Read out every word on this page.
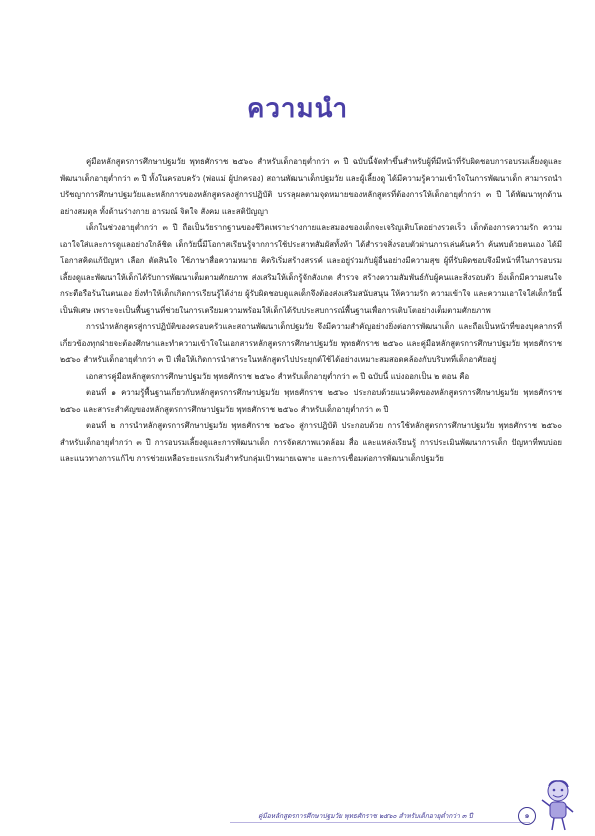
ความนำ

คู่มือหลักสูตรการศึกษาปฐมวัย พุทธศักราช ๒๕๖๐ สำหรับเด็กอายุต่ำกว่า ๓ ปี ฉบับนี้จัดทำขึ้นสำหรับผู้ที่มีหน้าที่รับผิดชอบการอบรมเลี้ยงดูและพัฒนาเด็กอายุต่ำกว่า ๓ ปี ทั้งในครอบครัว (พ่อแม่ ผู้ปกครอง) สถานพัฒนาเด็กปฐมวัย และผู้เลี้ยงดู ได้มีความรู้ความเข้าใจในการพัฒนาเด็ก สามารถนำปรัชญาการศึกษาปฐมวัยและหลักการของหลักสูตรลงสู่การปฏิบัติ บรรลุผลตามจุดหมายของหลักสูตรที่ต้องการให้เด็กอายุต่ำกว่า ๓ ปี ได้พัฒนาทุกด้านอย่างสมดุล ทั้งด้านร่างกาย อารมณ์ จิตใจ สังคม และสติปัญญา

เด็กในช่วงอายุต่ำกว่า ๓ ปี ถือเป็นวัยรากฐานของชีวิตเพราะร่างกายและสมองของเด็กจะเจริญเติบโตอย่างรวดเร็ว เด็กต้องการความรัก ความเอาใจใส่และการดูแลอย่างใกล้ชิด เด็กวัยนี้มีโอกาสเรียนรู้จากการใช้ประสาทสัมผัสทั้งห้า ได้สำรวจสิ่งรอบตัวผ่านการเล่นค้นคว้า ค้นพบด้วยตนเอง ได้มีโอกาสคิดแก้ปัญหา เลือก ตัดสินใจ ใช้ภาษาสื่อความหมาย คิดริเริ่มสร้างสรรค์ และอยู่ร่วมกับผู้อื่นอย่างมีความสุข ผู้ที่รับผิดชอบจึงมีหน้าที่ในการอบรมเลี้ยงดูและพัฒนาให้เด็กได้รับการพัฒนาเต็มตามศักยภาพ ส่งเสริมให้เด็กรู้จักสังเกต สำรวจ สร้างความสัมพันธ์กับผู้คนและสิ่งรอบตัว ยิ่งเด็กมีความสนใจ กระตือรือร้นในตนเอง ยิ่งทำให้เด็กเกิดการเรียนรู้ได้ง่าย ผู้รับผิดชอบดูแลเด็กจึงต้องส่งเสริมสนับสนุน ให้ความรัก ความเข้าใจ และความเอาใจใส่เด็กวัยนี้เป็นพิเศษ เพราะจะเป็นพื้นฐานที่ช่วยในการเตรียมความพร้อมให้เด็กได้รับประสบการณ์พื้นฐานเพื่อการเติบโตอย่างเต็มตามศักยภาพ

การนำหลักสูตรสู่การปฏิบัติของครอบครัวและสถานพัฒนาเด็กปฐมวัย จึงมีความสำคัญอย่างยิ่งต่อการพัฒนาเด็ก และถือเป็นหน้าที่ของบุคลากรที่เกี่ยวข้องทุกฝ่ายจะต้องศึกษาและทำความเข้าใจในเอกสารหลักสูตรการศึกษาปฐมวัย พุทธศักราช ๒๕๖๐ และคู่มือหลักสูตรการศึกษาปฐมวัย พุทธศักราช ๒๕๖๐ สำหรับเด็กอายุต่ำกว่า ๓ ปี เพื่อให้เกิดการนำสาระในหลักสูตรไปประยุกต์ใช้ได้อย่างเหมาะสมสอดคล้องกับบริบทที่เด็กอาศัยอยู่

เอกสารคู่มือหลักสูตรการศึกษาปฐมวัย พุทธศักราช ๒๕๖๐ สำหรับเด็กอายุต่ำกว่า ๓ ปี ฉบับนี้ แบ่งออกเป็น ๒ ตอน คือ

ตอนที่ ๑ ความรู้พื้นฐานเกี่ยวกับหลักสูตรการศึกษาปฐมวัย พุทธศักราช ๒๕๖๐ ประกอบด้วยแนวคิดของหลักสูตรการศึกษาปฐมวัย พุทธศักราช ๒๕๖๐ และสาระสำคัญของหลักสูตรการศึกษาปฐมวัย พุทธศักราช ๒๕๖๐ สำหรับเด็กอายุต่ำกว่า ๓ ปี

ตอนที่ ๒ การนำหลักสูตรการศึกษาปฐมวัย พุทธศักราช ๒๕๖๐ สู่การปฏิบัติ ประกอบด้วย การใช้หลักสูตรการศึกษาปฐมวัย พุทธศักราช ๒๕๖๐ สำหรับเด็กอายุต่ำกว่า ๓ ปี การอบรมเลี้ยงดูและการพัฒนาเด็ก การจัดสภาพแวดล้อม สื่อ และแหล่งเรียนรู้ การประเมินพัฒนาการเด็ก ปัญหาที่พบบ่อยและแนวทางการแก้ไข การช่วยเหลือระยะแรกเริ่มสำหรับกลุ่มเป้าหมายเฉพาะ และการเชื่อมต่อการพัฒนาเด็กปฐมวัย

คู่มือหลักสูตรการศึกษาปฐมวัย พุทธศักราช ๒๕๖๐ สำหรับเด็กอายุต่ำกว่า ๓ ปี	๑
